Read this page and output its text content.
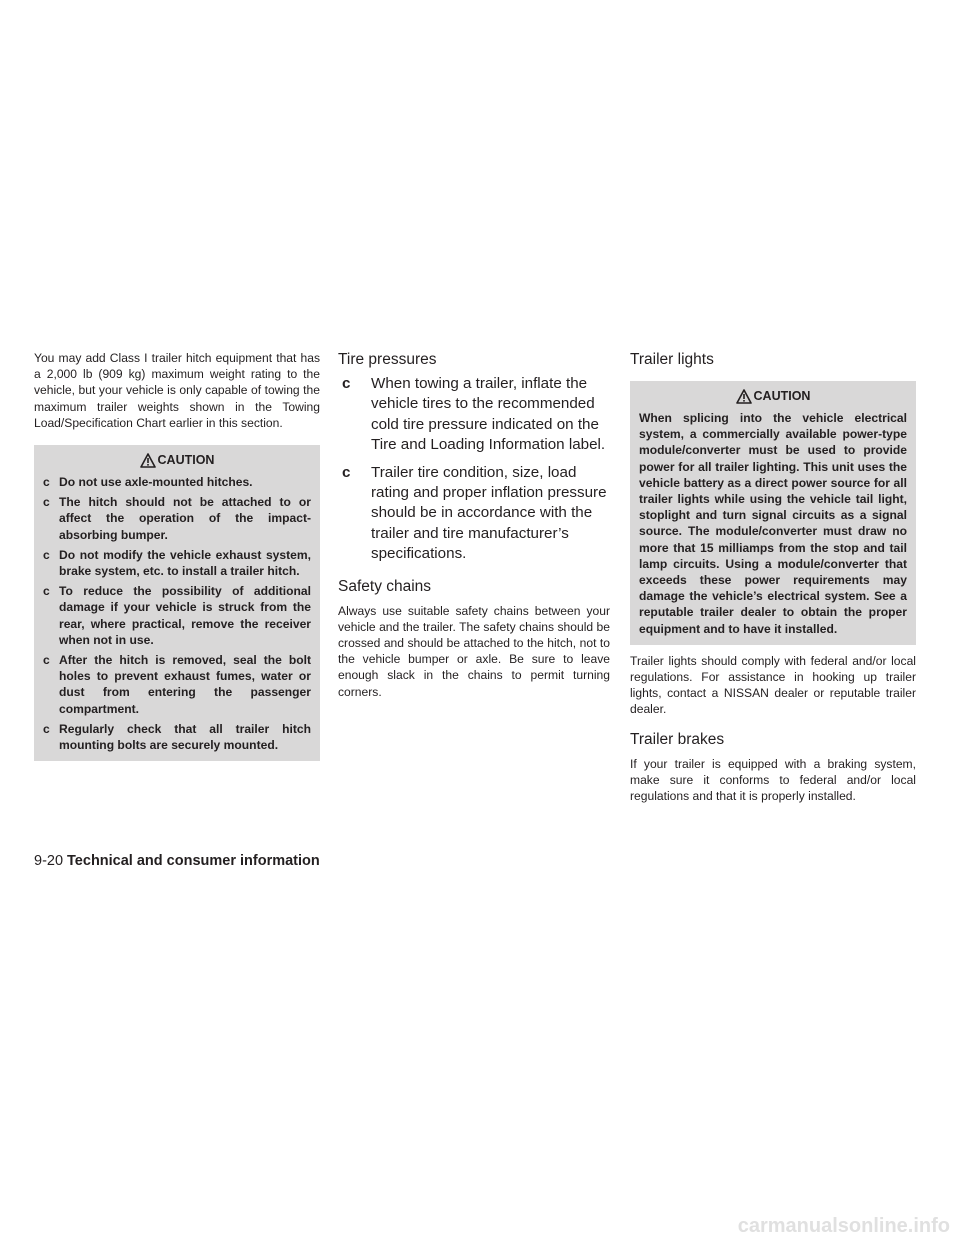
You may add Class I trailer hitch equipment that has a 2,000 lb (909 kg) maximum weight rating to the vehicle, but your vehicle is only capable of towing the maximum trailer weights shown in the Towing Load/Specification Chart earlier in this section.

CAUTION
c Do not use axle-mounted hitches.
c The hitch should not be attached to or affect the operation of the impact-absorbing bumper.
c Do not modify the vehicle exhaust system, brake system, etc. to install a trailer hitch.
c To reduce the possibility of additional damage if your vehicle is struck from the rear, where practical, remove the receiver when not in use.
c After the hitch is removed, seal the bolt holes to prevent exhaust fumes, water or dust from entering the passenger compartment.
c Regularly check that all trailer hitch mounting bolts are securely mounted.
Tire pressures
c When towing a trailer, inflate the vehicle tires to the recommended cold tire pressure indicated on the Tire and Loading Information label.
c Trailer tire condition, size, load rating and proper inflation pressure should be in accordance with the trailer and tire manufacturer’s specifications.
Safety chains

Always use suitable safety chains between your vehicle and the trailer. The safety chains should be crossed and should be attached to the hitch, not to the vehicle bumper or axle. Be sure to leave enough slack in the chains to permit turning corners.

Trailer lights
CAUTION

When splicing into the vehicle electrical system, a commercially available power-type module/converter must be used to provide power for all trailer lighting. This unit uses the vehicle battery as a direct power source for all trailer lights while using the vehicle tail light, stoplight and turn signal circuits as a signal source. The module/converter must draw no more that 15 milliamps from the stop and tail lamp circuits. Using a module/converter that exceeds these power requirements may damage the vehicle’s electrical system. See a reputable trailer dealer to obtain the proper equipment and to have it installed.

Trailer lights should comply with federal and/or local regulations. For assistance in hooking up trailer lights, contact a NISSAN dealer or reputable trailer dealer.

Trailer brakes

If your trailer is equipped with a braking system, make sure it conforms to federal and/or local regulations and that it is properly installed.

9-20 Technical and consumer information
carmanualsonline.info
